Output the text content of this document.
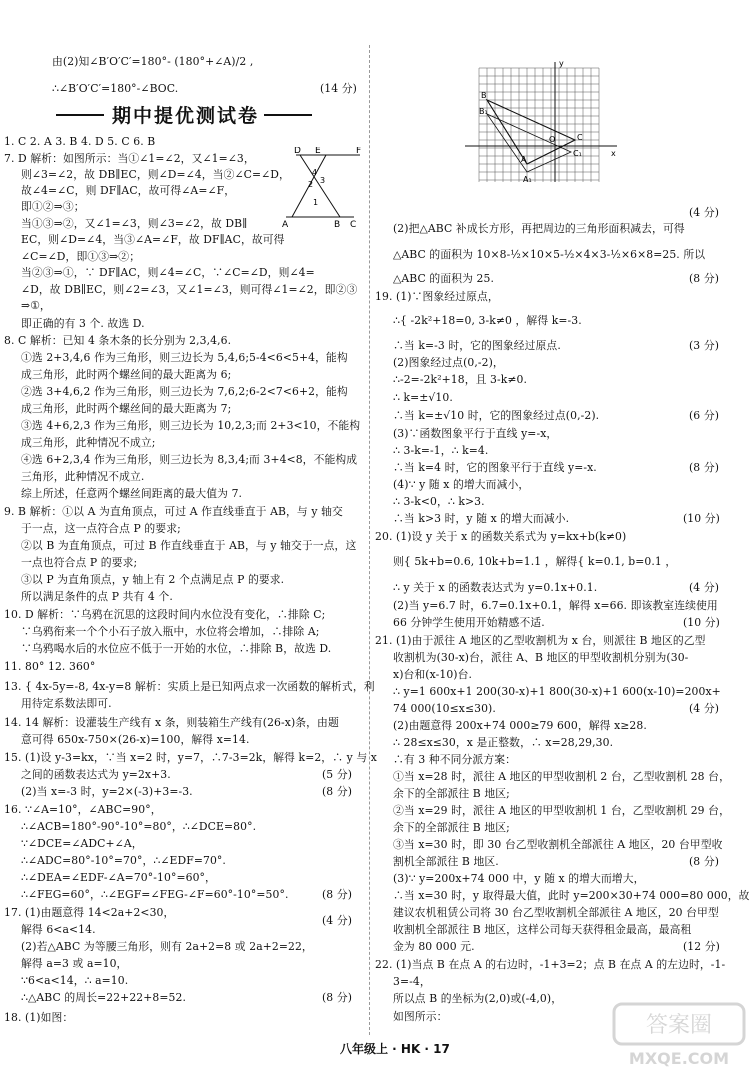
由(2)知∠B′O′C′=180°- (180°+∠A)/2 ,
∴∠B′O′C′=180°-∠BOC.	(14 分)
期中提优测试卷
1. C 2. A 3. B 4. D 5. C 6. B
7. D 解析：如图所示：当①∠1=∠2，又∠1=∠3，
则∠3=∠2，故 DB∥EC，则∠D=∠4，当②∠C=∠D，
故∠4=∠C，则 DF∥AC，故可得∠A=∠F，
即①②⇒③；
当①③⇒②，又∠1=∠3，则∠3=∠2，故 DB∥
EC，则∠D=∠4，当③∠A=∠F，故 DF∥AC，故可得
∠C=∠D，即①③⇒②；
当②③⇒①，∵ DF∥AC，则∠4=∠C，∵∠C=∠D，则∠4=
∠D，故 DB∥EC，则∠2=∠3，又∠1=∠3，则可得∠1=∠2，即②③
⇒①，
即正确的有 3 个. 故选 D.
D E	F
A	B C
4
3
2
1
8. C 解析：已知 4 条木条的长分别为 2,3,4,6.
①选 2+3,4,6 作为三角形，则三边长为 5,4,6;5-4<6<5+4，能构
成三角形，此时两个螺丝间的最大距离为 6;
②选 3+4,6,2 作为三角形，则三边长为 7,6,2;6-2<7<6+2，能构
成三角形，此时两个螺丝间的最大距离为 7;
③选 4+6,2,3 作为三角形，则三边长为 10,2,3;而 2+3<10，不能构
成三角形，此种情况不成立;
④选 6+2,3,4 作为三角形，则三边长为 8,3,4;而 3+4<8，不能构成
三角形，此种情况不成立.
综上所述，任意两个螺丝间距离的最大值为 7.
9. B 解析：①以 A 为直角顶点，可过 A 作直线垂直于 AB，与 y 轴交
于一点，这一点符合点 P 的要求;
②以 B 为直角顶点，可过 B 作直线垂直于 AB，与 y 轴交于一点，这
一点也符合点 P 的要求;
③以 P 为直角顶点，y 轴上有 2 个点满足点 P 的要求.
所以满足条件的点 P 共有 4 个.
10. D 解析：∵乌鸦在沉思的这段时间内水位没有变化，∴排除 C;
∵乌鸦衔来一个个小石子放入瓶中，水位将会增加，∴排除 A;
∵乌鸦喝水后的水位应不低于一开始的水位，∴排除 B，故选 D.
11. 80° 12. 360°
13. { 4x-5y=-8, 4x-y=8 解析：实质上是已知两点求一次函数的解析式，利
用待定系数法即可.
14. 14 解析：设灌装生产线有 x 条，则装箱生产线有(26-x)条，由题
意可得 650x-750×(26-x)=100，解得 x=14.
15. (1)设 y-3=kx，∵当 x=2 时，y=7，∴7-3=2k，解得 k=2，∴ y 与 x
之间的函数表达式为 y=2x+3.	(5 分)
(2)当 x=-3 时，y=2×(-3)+3=-3.	(8 分)
16. ∵∠A=10°，∠ABC=90°，
∴∠ACB=180°-90°-10°=80°，∴∠DCE=80°.
∵∠DCE=∠ADC+∠A，
∴∠ADC=80°-10°=70°，∴∠EDF=70°.
∴∠DEA=∠EDF-∠A=70°-10°=60°，
∴∠FEG=60°，∴∠EGF=∠FEG-∠F=60°-10°=50°.	(8 分)
17. (1)由题意得 14<2a+2<30，
(4 分)
解得 6<a<14.
(2)若△ABC 为等腰三角形，则有 2a+2=8 或 2a+2=22，
解得 a=3 或 a=10，
∵6<a<14，∴ a=10.
∴△ABC 的周长=22+22+8=52.	(8 分)
18. (1)如图：
x
y
B
B₁
C
C₁
A
A₁
O
(4 分)
(2)把△ABC 补成长方形，再把周边的三角形面积减去，可得
△ABC 的面积为 10×8-½×10×5-½×4×3-½×6×8=25. 所以
△ABC 的面积为 25.	(8 分)
19. (1)∵图象经过原点，
∴{ -2k²+18=0, 3-k≠0 ，解得 k=-3.
∴当 k=-3 时，它的图象经过原点.	(3 分)
(2)图象经过点(0,-2)，
∴-2=-2k²+18，且 3-k≠0.
∴ k=±√10.
∴当 k=±√10 时，它的图象经过点(0,-2).	(6 分)
(3)∵函数图象平行于直线 y=-x，
∴ 3-k=-1，∴ k=4.
∴当 k=4 时，它的图象平行于直线 y=-x.	(8 分)
(4)∵ y 随 x 的增大而减小，
∴ 3-k<0，∴ k>3.
∴当 k>3 时，y 随 x 的增大而减小.	(10 分)
20. (1)设 y 关于 x 的函数关系式为 y=kx+b(k≠0)
则{ 5k+b=0.6, 10k+b=1.1 ，解得{ k=0.1, b=0.1 ，
∴ y 关于 x 的函数表达式为 y=0.1x+0.1.	(4 分)
(2)当 y=6.7 时，6.7=0.1x+0.1，解得 x=66. 即该教室连续使用
66 分钟学生使用开始精感不适.	(10 分)
21. (1)由于派往 A 地区的乙型收割机为 x 台，则派往 B 地区的乙型
收割机为(30-x)台，派往 A、B 地区的甲型收割机分别为(30-
x)台和(x-10)台.
∴ y=1 600x+1 200(30-x)+1 800(30-x)+1 600(x-10)=200x+
74 000(10≤x≤30).	(4 分)
(2)由题意得 200x+74 000≥79 600，解得 x≥28.
∴ 28≤x≤30，x 是正整数，∴ x=28,29,30.
∴有 3 种不同分派方案：
①当 x=28 时，派往 A 地区的甲型收割机 2 台，乙型收割机 28 台，
余下的全部派往 B 地区;
②当 x=29 时，派往 A 地区的甲型收割机 1 台，乙型收割机 29 台，
余下的全部派往 B 地区;
③当 x=30 时，即 30 台乙型收割机全部派往 A 地区，20 台甲型收
割机全部派往 B 地区.	(8 分)
(3)∵ y=200x+74 000 中，y 随 x 的增大而增大，
∴当 x=30 时，y 取得最大值，此时 y=200×30+74 000=80 000，故
建议农机租赁公司将 30 台乙型收割机全部派往 A 地区，20 台甲型
收割机全部派往 B 地区，这样公司每天获得租金最高，最高租
金为 80 000 元.	(12 分)
22. (1)当点 B 在点 A 的右边时，-1+3=2；点 B 在点 A 的左边时，-1-
3=-4，
所以点 B 的坐标为(2,0)或(-4,0)，
如图所示：
八年级上 · HK · 17
答案圈
MXQE.COM
